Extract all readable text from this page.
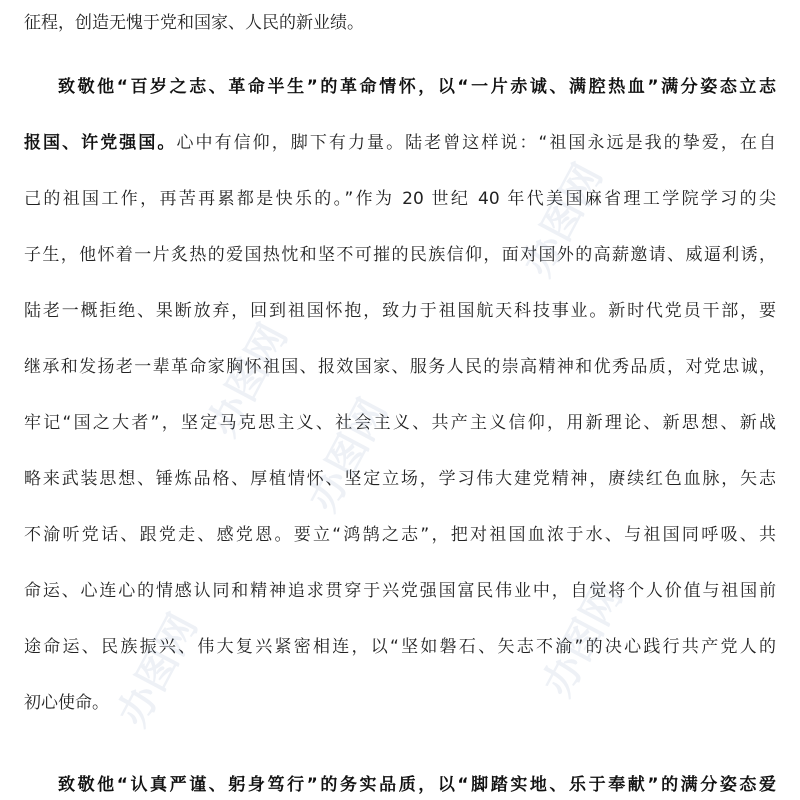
征程，创造无愧于党和国家、人民的新业绩。
致敬他“百岁之志、革命半生”的革命情怀，以“一片赤诚、满腔热血”满分姿态立志
报国、许党强国。心中有信仰，脚下有力量。陆老曾这样说：“祖国永远是我的挚爱，在自
己的祖国工作，再苦再累都是快乐的。”作为 20 世纪 40 年代美国麻省理工学院学习的尖
子生，他怀着一片炙热的爱国热忱和坚不可摧的民族信仰，面对国外的高薪邀请、威逼利诱，
陆老一概拒绝、果断放弃，回到祖国怀抱，致力于祖国航天科技事业。新时代党员干部，要
继承和发扬老一辈革命家胸怀祖国、报效国家、服务人民的崇高精神和优秀品质，对党忠诚，
牢记“国之大者”，坚定马克思主义、社会主义、共产主义信仰，用新理论、新思想、新战
略来武装思想、锤炼品格、厚植情怀、坚定立场，学习伟大建党精神，赓续红色血脉，矢志
不渝听党话、跟党走、感党恩。要立“鸿鹄之志”，把对祖国血浓于水、与祖国同呼吸、共
命运、心连心的情感认同和精神追求贯穿于兴党强国富民伟业中，自觉将个人价值与祖国前
途命运、民族振兴、伟大复兴紧密相连，以“坚如磐石、矢志不渝”的决心践行共产党人的
初心使命。
致敬他“认真严谨、躬身笃行”的务实品质，以“脚踏实地、乐于奉献”的满分姿态爱
办图网
办图网
办图网
办图网
办图网
